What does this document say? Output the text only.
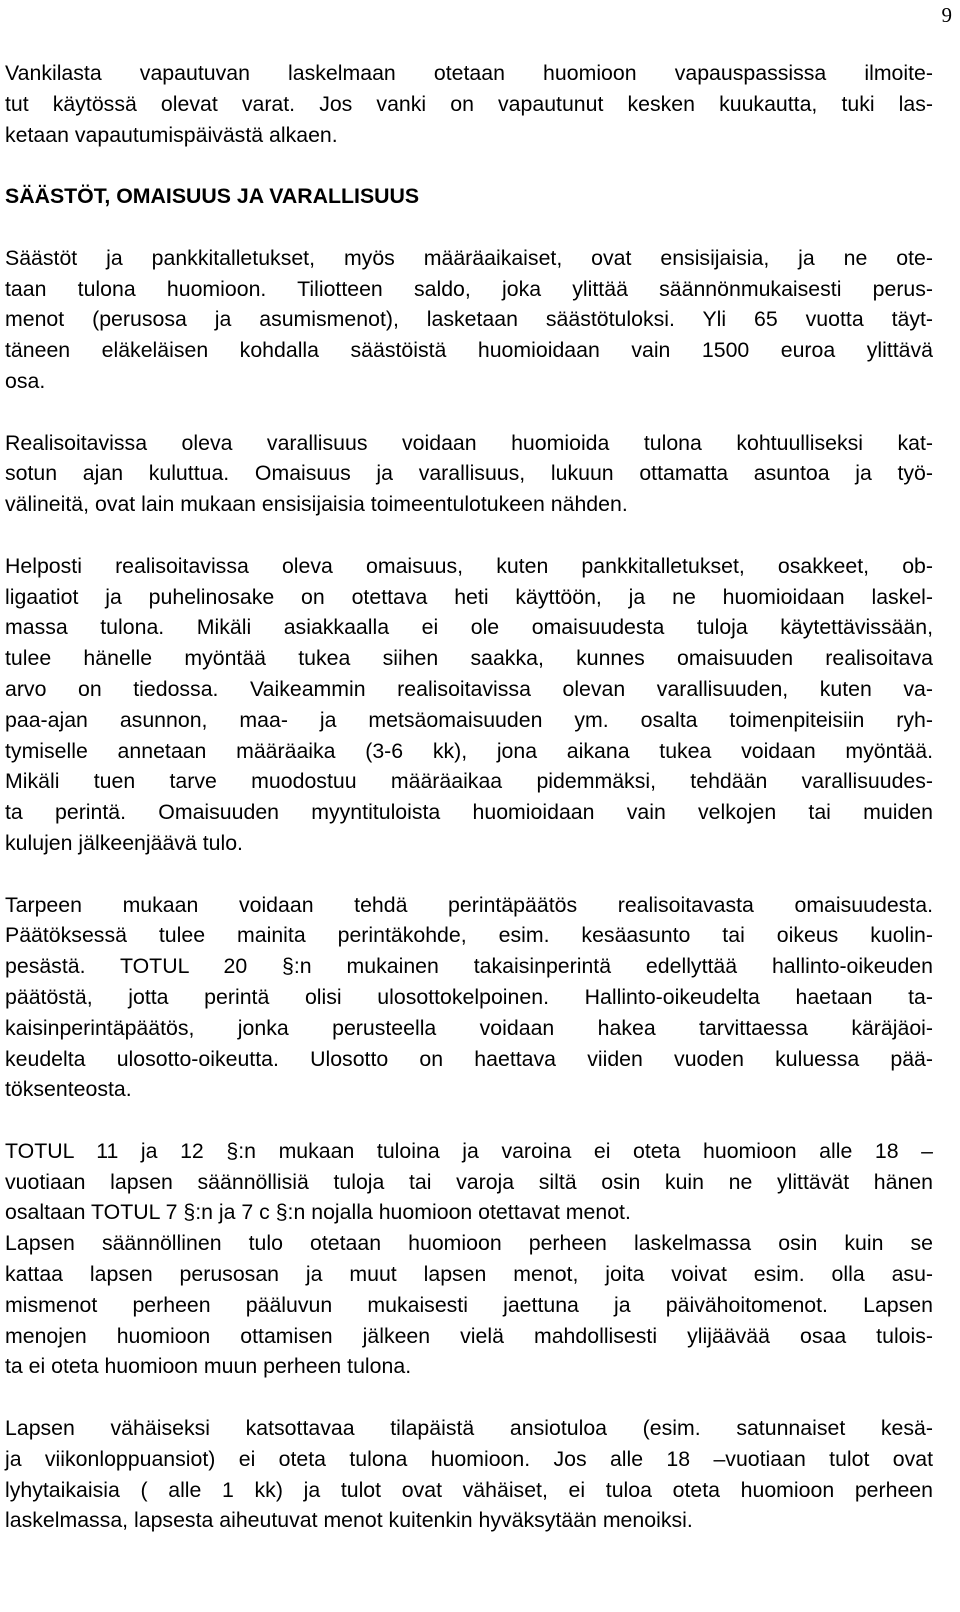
9

Vankilasta vapautuvan laskelmaan otetaan huomioon vapauspassissa ilmoite-
tut käytössä olevat varat. Jos vanki on vapautunut kesken kuukautta, tuki las-
ketaan vapautumispäivästä alkaen.

SÄÄSTÖT, OMAISUUS JA VARALLISUUS

Säästöt ja pankkitalletukset, myös määräaikaiset, ovat ensisijaisia, ja ne ote-
taan tulona huomioon. Tiliotteen saldo, joka ylittää säännönmukaisesti perus-
menot (perusosa ja asumismenot), lasketaan säästötuloksi. Yli 65 vuotta täyt-
täneen eläkeläisen kohdalla säästöistä huomioidaan vain 1500 euroa ylittävä
osa.

Realisoitavissa oleva varallisuus voidaan huomioida tulona kohtuulliseksi kat-
sotun ajan kuluttua. Omaisuus ja varallisuus, lukuun ottamatta asuntoa ja työ-
välineitä, ovat lain mukaan ensisijaisia toimeentulotukeen nähden.

Helposti realisoitavissa oleva omaisuus, kuten pankkitalletukset, osakkeet, ob-
ligaatiot ja puhelinosake on otettava heti käyttöön, ja ne huomioidaan laskel-
massa tulona. Mikäli asiakkaalla ei ole omaisuudesta tuloja käytettävissään,
tulee hänelle myöntää tukea siihen saakka, kunnes omaisuuden realisoitava
arvo on tiedossa. Vaikeammin realisoitavissa olevan varallisuuden, kuten va-
paa-ajan asunnon, maa- ja metsäomaisuuden ym. osalta toimenpiteisiin ryh-
tymiselle annetaan määräaika (3-6 kk), jona aikana tukea voidaan myöntää.
Mikäli tuen tarve muodostuu määräaikaa pidemmäksi, tehdään varallisuudes-
ta perintä. Omaisuuden myyntituloista huomioidaan vain velkojen tai muiden
kulujen jälkeenjäävä tulo.

Tarpeen mukaan voidaan tehdä perintäpäätös realisoitavasta omaisuudesta.
Päätöksessä tulee mainita perintäkohde, esim. kesäasunto tai oikeus kuolin-
pesästä. TOTUL 20 §:n mukainen takaisinperintä edellyttää hallinto-oikeuden
päätöstä, jotta perintä olisi ulosottokelpoinen. Hallinto-oikeudelta haetaan ta-
kaisinperintäpäätös, jonka perusteella voidaan hakea tarvittaessa käräjäoi-
keudelta ulosotto-oikeutta. Ulosotto on haettava viiden vuoden kuluessa pää-
töksenteosta.

TOTUL 11 ja 12 §:n mukaan tuloina ja varoina ei oteta huomioon alle 18 –
vuotiaan lapsen säännöllisiä tuloja tai varoja siltä osin kuin ne ylittävät hänen
osaltaan TOTUL 7 §:n ja 7 c §:n nojalla huomioon otettavat menot.

Lapsen säännöllinen tulo otetaan huomioon perheen laskelmassa osin kuin se
kattaa lapsen perusosan ja muut lapsen menot, joita voivat esim. olla asu-
mismenot perheen pääluvun mukaisesti jaettuna ja päivähoitomenot. Lapsen
menojen huomioon ottamisen jälkeen vielä mahdollisesti ylijäävää osaa tulois-
ta ei oteta huomioon muun perheen tulona.

Lapsen vähäiseksi katsottavaa tilapäistä ansiotuloa (esim. satunnaiset kesä-
ja viikonloppuansiot) ei oteta tulona huomioon. Jos alle 18 –vuotiaan tulot ovat
lyhytaikaisia ( alle 1 kk) ja tulot ovat vähäiset, ei tuloa oteta huomioon perheen
laskelmassa, lapsesta aiheutuvat menot kuitenkin hyväksytään menoiksi.
